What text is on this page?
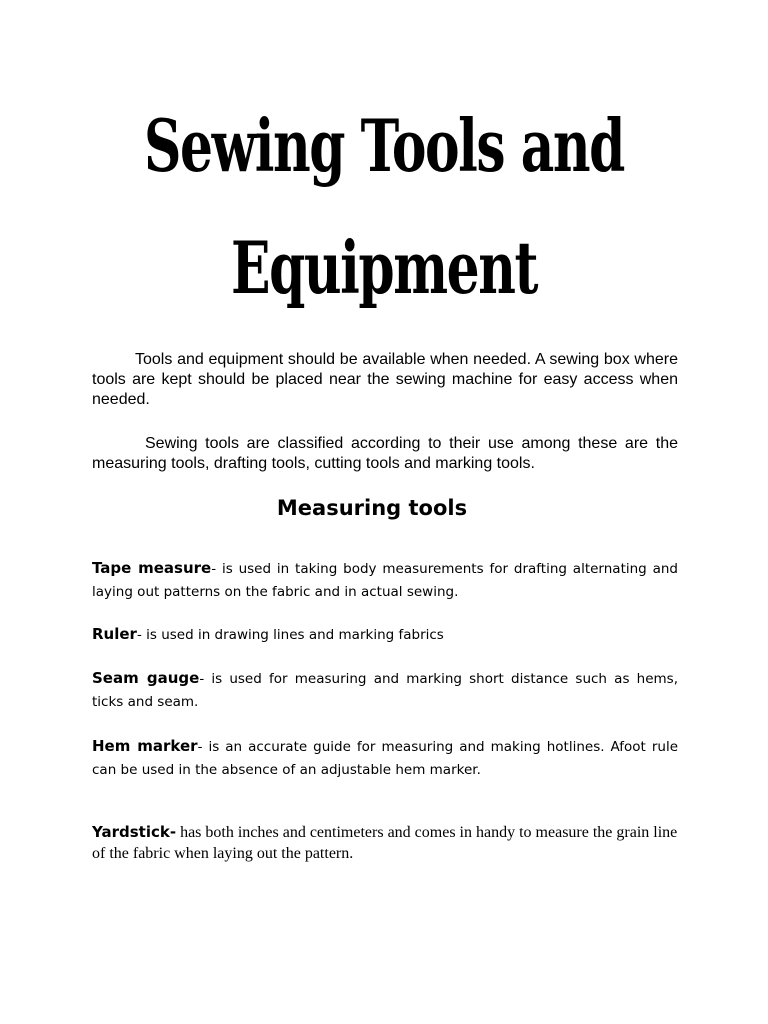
Sewing Tools and
Equipment

Tools and equipment should be available when needed. A sewing box where tools are kept should be placed near the sewing machine for easy access when needed.

Sewing tools are classified according to their use among these are the measuring tools, drafting tools, cutting tools and marking tools.

Measuring tools

Tape measure- is used in taking body measurements for drafting alternating and laying out patterns on the fabric and in actual sewing.

Ruler- is used in drawing lines and marking fabrics

Seam gauge- is used for measuring and marking short distance such as hems, ticks and seam.

Hem marker- is an accurate guide for measuring and making hotlines. Afoot rule can be used in the absence of an adjustable hem marker.

Yardstick- has both inches and centimeters and comes in handy to measure the grain line of the fabric when laying out the pattern.
